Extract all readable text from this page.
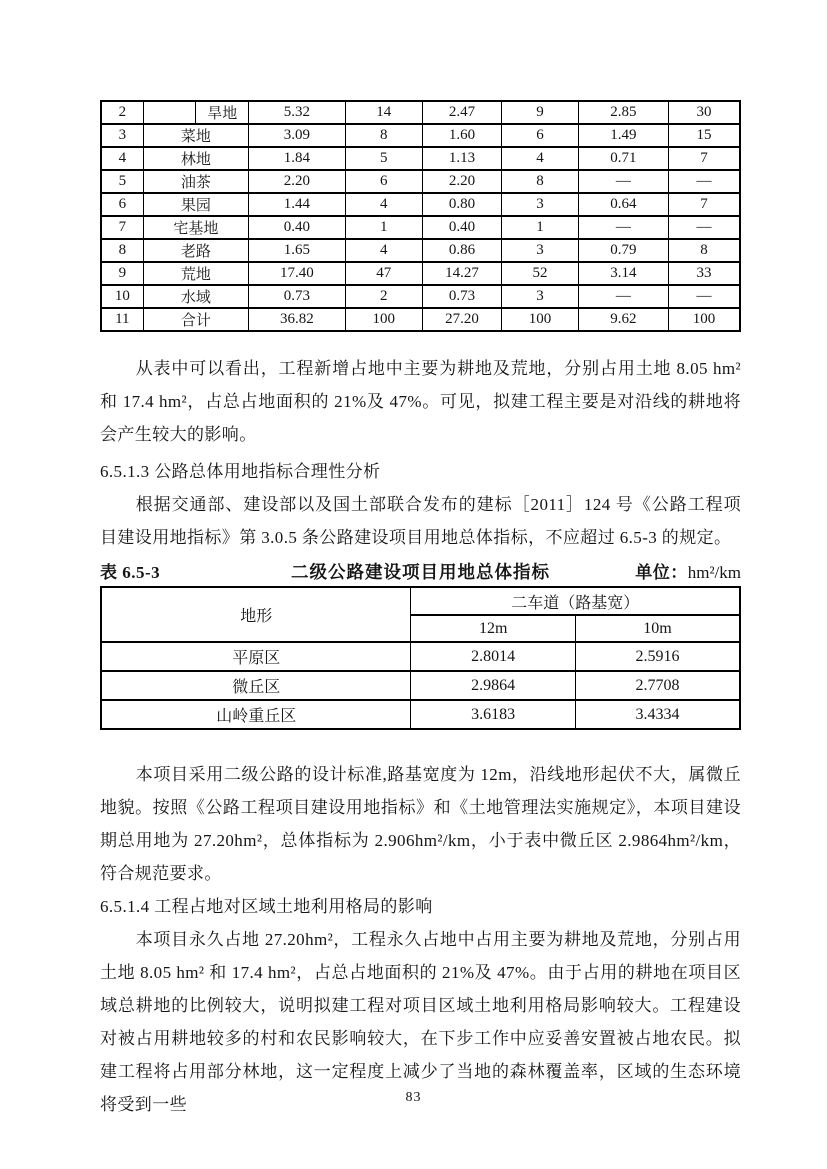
2		旱地	5.32	14	2.47	9	2.85	30
3	菜地		3.09	8	1.60	6	1.49	15
4	林地		1.84	5	1.13	4	0.71	7
5	油茶		2.20	6	2.20	8	—	—
6	果园		1.44	4	0.80	3	0.64	7
7	宅基地		0.40	1	0.40	1	—	—
8	老路		1.65	4	0.86	3	0.79	8
9	荒地		17.40	47	14.27	52	3.14	33
10	水域		0.73	2	0.73	3	—	—
11	合计		36.82	100	27.20	100	9.62	100

从表中可以看出，工程新增占地中主要为耕地及荒地，分别占用土地 8.05 hm² 和 17.4 hm²，占总占地面积的 21%及 47%。可见，拟建工程主要是对沿线的耕地将会产生较大的影响。

6.5.1.3 公路总体用地指标合理性分析

根据交通部、建设部以及国土部联合发布的建标［2011］124 号《公路工程项目建设用地指标》第 3.0.5 条公路建设项目用地总体指标，不应超过 6.5-3 的规定。

表 6.5-3	二级公路建设项目用地总体指标	单位：hm²/km
地形	二车道（路基宽）	
	12m	10m
平原区	2.8014	2.5916
微丘区	2.9864	2.7708
山岭重丘区	3.6183	3.4334

本项目采用二级公路的设计标准,路基宽度为 12m，沿线地形起伏不大，属微丘地貌。按照《公路工程项目建设用地指标》和《土地管理法实施规定》，本项目建设期总用地为 27.20hm²，总体指标为 2.906hm²/km，小于表中微丘区 2.9864hm²/km，符合规范要求。

6.5.1.4 工程占地对区域土地利用格局的影响

本项目永久占地 27.20hm²，工程永久占地中占用主要为耕地及荒地，分别占用土地 8.05 hm² 和 17.4 hm²，占总占地面积的 21%及 47%。由于占用的耕地在项目区域总耕地的比例较大，说明拟建工程对项目区域土地利用格局影响较大。工程建设对被占用耕地较多的村和农民影响较大，在下步工作中应妥善安置被占地农民。拟建工程将占用部分林地，这一定程度上减少了当地的森林覆盖率，区域的生态环境将受到一些	83
